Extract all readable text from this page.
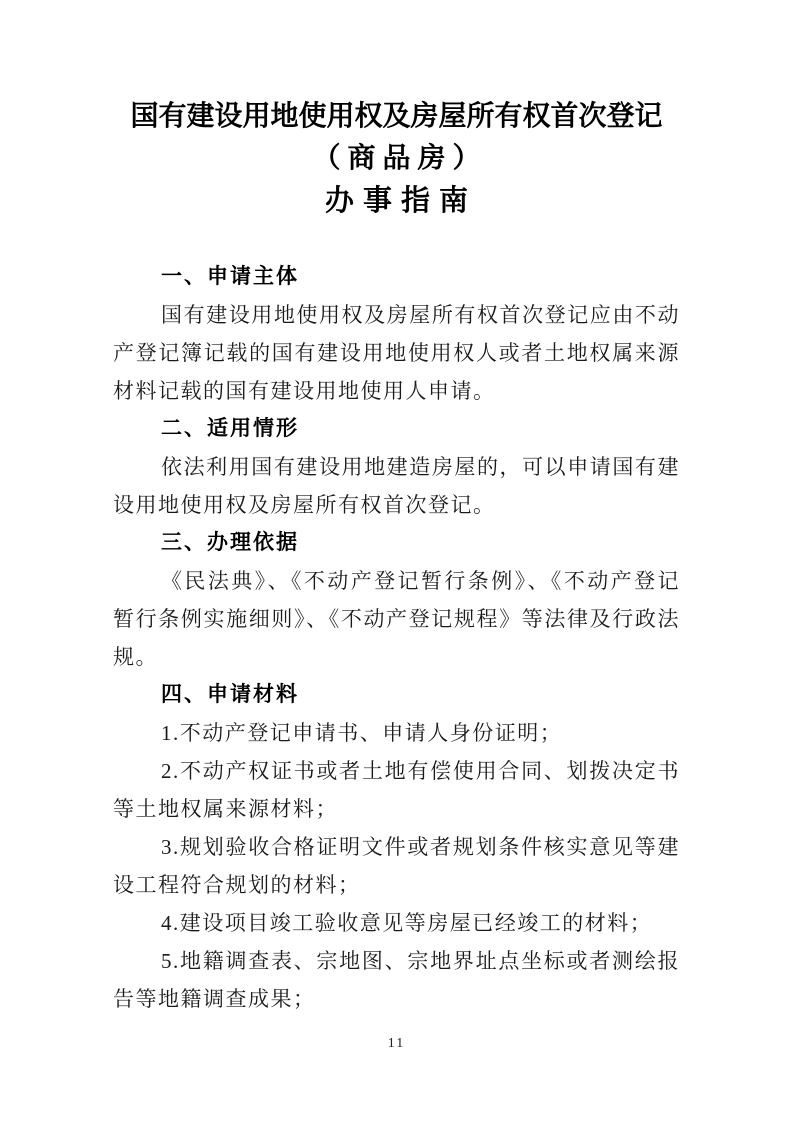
国有建设用地使用权及房屋所有权首次登记
（商品房）
办事指南
一、申请主体

国有建设用地使用权及房屋所有权首次登记应由不动产登记簿记载的国有建设用地使用权人或者土地权属来源材料记载的国有建设用地使用人申请。

二、适用情形

依法利用国有建设用地建造房屋的，可以申请国有建设用地使用权及房屋所有权首次登记。

三、办理依据

《民法典》、《不动产登记暂行条例》、《不动产登记暂行条例实施细则》、《不动产登记规程》等法律及行政法规。

四、申请材料

1.不动产登记申请书、申请人身份证明；

2.不动产权证书或者土地有偿使用合同、划拨决定书等土地权属来源材料；

3.规划验收合格证明文件或者规划条件核实意见等建设工程符合规划的材料；

4.建设项目竣工验收意见等房屋已经竣工的材料；

5.地籍调查表、宗地图、宗地界址点坐标或者测绘报告等地籍调查成果；

11
